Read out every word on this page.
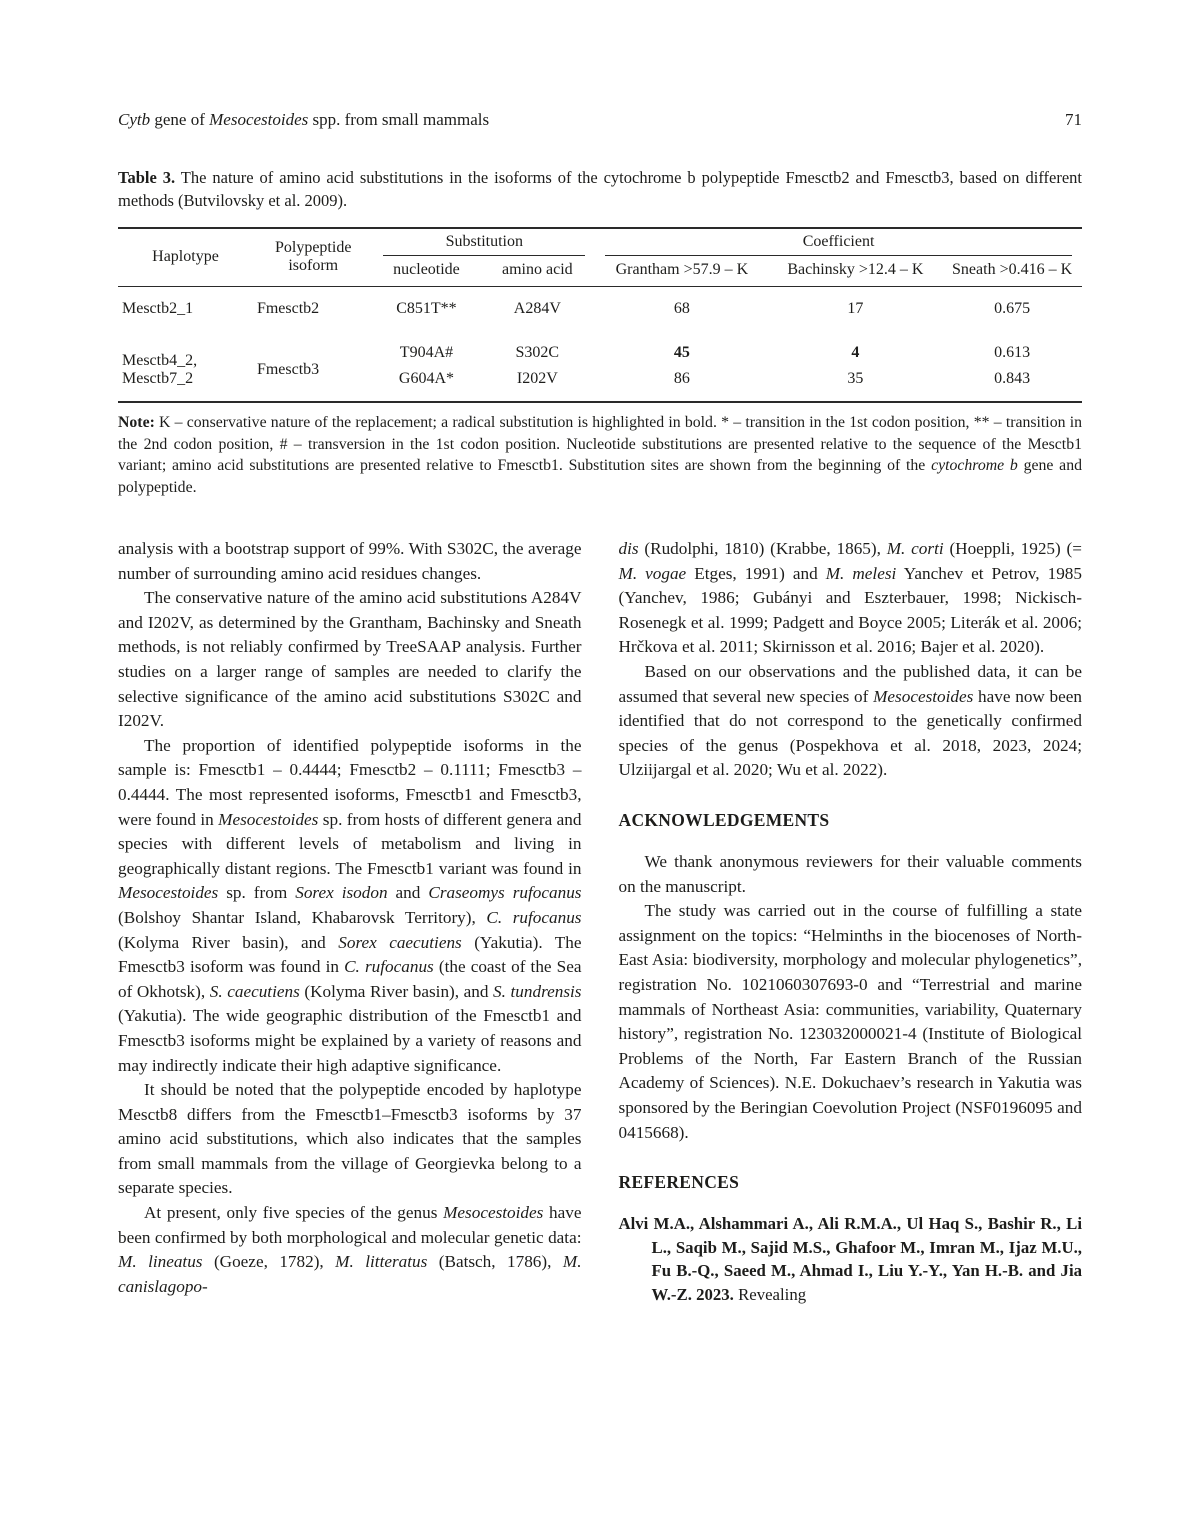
Cytb gene of Mesocestoides spp. from small mammals	71

Table 3. The nature of amino acid substitutions in the isoforms of the cytochrome b polypeptide Fmesctb2 and Fmesctb3, based on different methods (Butvilovsky et al. 2009).

Haplotype	Polypeptide isoform	Substitution		Coefficient		
		nucleotide	amino acid	Grantham >57.9 – K	Bachinsky >12.4 – K	Sneath >0.416 – K
Mesctb2_1	Fmesctb2	C851T**	A284V	68	17	0.675
Mesctb4_2,
Mesctb7_2	Fmesctb3	T904A#	S302C	45	4	0.613
		G604A*	I202V	86	35	0.843

Note: K – conservative nature of the replacement; a radical substitution is highlighted in bold. * – transition in the 1st codon position, ** – transition in the 2nd codon position, # – transversion in the 1st codon position. Nucleotide substitutions are presented relative to the sequence of the Mesctb1 variant; amino acid substitutions are presented relative to Fmesctb1. Substitution sites are shown from the beginning of the cytochrome b gene and polypeptide.

analysis with a bootstrap support of 99%. With S302C, the average number of surrounding amino acid residues changes.

The conservative nature of the amino acid substitutions A284V and I202V, as determined by the Grantham, Bachinsky and Sneath methods, is not reliably confirmed by TreeSAAP analysis. Further studies on a larger range of samples are needed to clarify the selective significance of the amino acid substitutions S302C and I202V.

The proportion of identified polypeptide isoforms in the sample is: Fmesctb1 – 0.4444; Fmesctb2 – 0.1111; Fmesctb3 – 0.4444. The most represented isoforms, Fmesctb1 and Fmesctb3, were found in Mesocestoides sp. from hosts of different genera and species with different levels of metabolism and living in geographically distant regions. The Fmesctb1 variant was found in Mesocestoides sp. from Sorex isodon and Craseomys rufocanus (Bolshoy Shantar Island, Khabarovsk Territory), C. rufocanus (Kolyma River basin), and Sorex caecutiens (Yakutia). The Fmesctb3 isoform was found in C. rufocanus (the coast of the Sea of Okhotsk), S. caecutiens (Kolyma River basin), and S. tundrensis (Yakutia). The wide geographic distribution of the Fmesctb1 and Fmesctb3 isoforms might be explained by a variety of reasons and may indirectly indicate their high adaptive significance.

It should be noted that the polypeptide encoded by haplotype Mesctb8 differs from the Fmesctb1–Fmesctb3 isoforms by 37 amino acid substitutions, which also indicates that the samples from small mammals from the village of Georgievka belong to a separate species.

At present, only five species of the genus Mesocestoides have been confirmed by both morphological and molecular genetic data: M. lineatus (Goeze, 1782), M. litteratus (Batsch, 1786), M. canislagopo-

dis (Rudolphi, 1810) (Krabbe, 1865), M. corti (Hoeppli, 1925) (= M. vogae Etges, 1991) and M. melesi Yanchev et Petrov, 1985 (Yanchev, 1986; Gubányi and Eszterbauer, 1998; Nickisch-Rosenegk et al. 1999; Padgett and Boyce 2005; Literák et al. 2006; Hrčkova et al. 2011; Skirnisson et al. 2016; Bajer et al. 2020).

Based on our observations and the published data, it can be assumed that several new species of Mesocestoides have now been identified that do not correspond to the genetically confirmed species of the genus (Pospekhova et al. 2018, 2023, 2024; Ulziijargal et al. 2020; Wu et al. 2022).

ACKNOWLEDGEMENTS

We thank anonymous reviewers for their valuable comments on the manuscript.

The study was carried out in the course of fulfilling a state assignment on the topics: “Helminths in the biocenoses of North-East Asia: biodiversity, morphology and molecular phylogenetics”, registration No. 1021060307693-0 and “Terrestrial and marine mammals of Northeast Asia: communities, variability, Quaternary history”, registration No. 123032000021-4 (Institute of Biological Problems of the North, Far Eastern Branch of the Russian Academy of Sciences). N.E. Dokuchaev’s research in Yakutia was sponsored by the Beringian Coevolution Project (NSF0196095 and 0415668).

REFERENCES

Alvi M.A., Alshammari A., Ali R.M.A., Ul Haq S., Bashir R., Li L., Saqib M., Sajid M.S., Ghafoor M., Imran M., Ijaz M.U., Fu B.-Q., Saeed M., Ahmad I., Liu Y.-Y., Yan H.-B. and Jia W.-Z. 2023. Revealing
